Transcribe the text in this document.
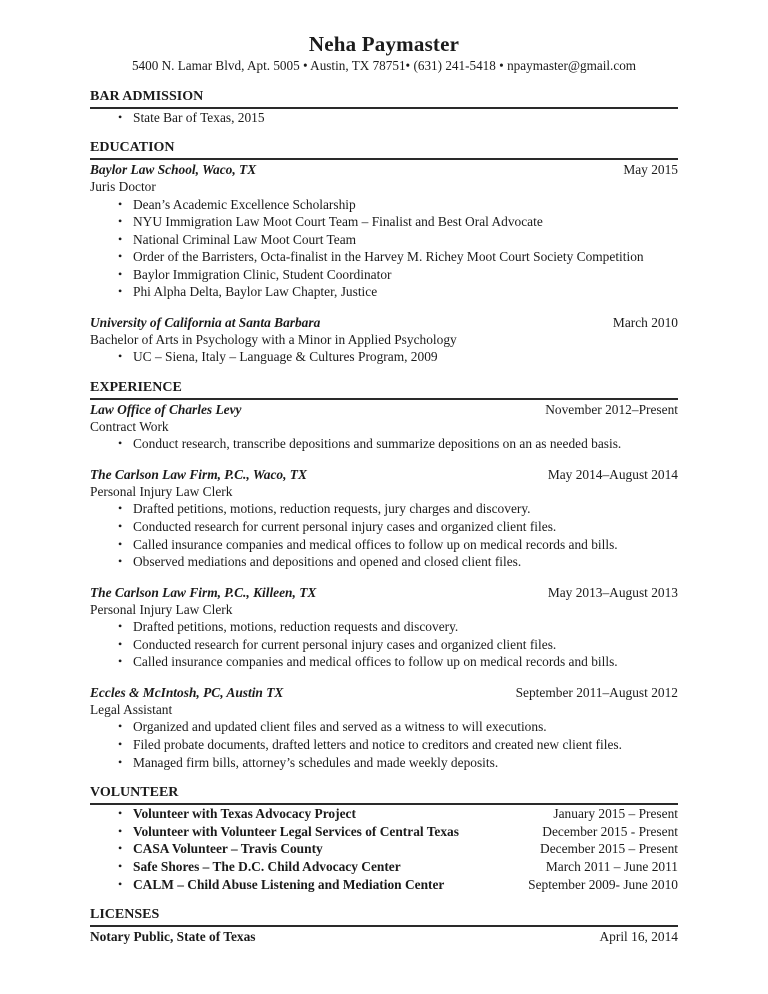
Neha Paymaster
5400 N. Lamar Blvd, Apt. 5005 • Austin, TX 78751• (631) 241-5418 • npaymaster@gmail.com
BAR ADMISSION
• State Bar of Texas, 2015
EDUCATION
Baylor Law School, Waco, TX	May 2015
Juris Doctor
• Dean’s Academic Excellence Scholarship
• NYU Immigration Law Moot Court Team – Finalist and Best Oral Advocate
• National Criminal Law Moot Court Team
• Order of the Barristers, Octa-finalist in the Harvey M. Richey Moot Court Society Competition
• Baylor Immigration Clinic, Student Coordinator
• Phi Alpha Delta, Baylor Law Chapter, Justice
University of California at Santa Barbara	March 2010
Bachelor of Arts in Psychology with a Minor in Applied Psychology
• UC – Siena, Italy – Language & Cultures Program, 2009
EXPERIENCE
Law Office of Charles Levy	November 2012–Present
Contract Work
• Conduct research, transcribe depositions and summarize depositions on an as needed basis.
The Carlson Law Firm, P.C., Waco, TX	May 2014–August 2014
Personal Injury Law Clerk
• Drafted petitions, motions, reduction requests, jury charges and discovery.
• Conducted research for current personal injury cases and organized client files.
• Called insurance companies and medical offices to follow up on medical records and bills.
• Observed mediations and depositions and opened and closed client files.
The Carlson Law Firm, P.C., Killeen, TX	May 2013–August 2013
Personal Injury Law Clerk
• Drafted petitions, motions, reduction requests and discovery.
• Conducted research for current personal injury cases and organized client files.
• Called insurance companies and medical offices to follow up on medical records and bills.
Eccles & McIntosh, PC, Austin TX	September 2011–August 2012
Legal Assistant
• Organized and updated client files and served as a witness to will executions.
• Filed probate documents, drafted letters and notice to creditors and created new client files.
• Managed firm bills, attorney’s schedules and made weekly deposits.
VOLUNTEER
• Volunteer with Texas Advocacy Project	January 2015 – Present
• Volunteer with Volunteer Legal Services of Central Texas	December 2015 - Present
• CASA Volunteer – Travis County	December 2015 – Present
• Safe Shores – The D.C. Child Advocacy Center	March 2011 – June 2011
• CALM – Child Abuse Listening and Mediation Center	September 2009- June 2010
LICENSES
Notary Public, State of Texas	April 16, 2014
